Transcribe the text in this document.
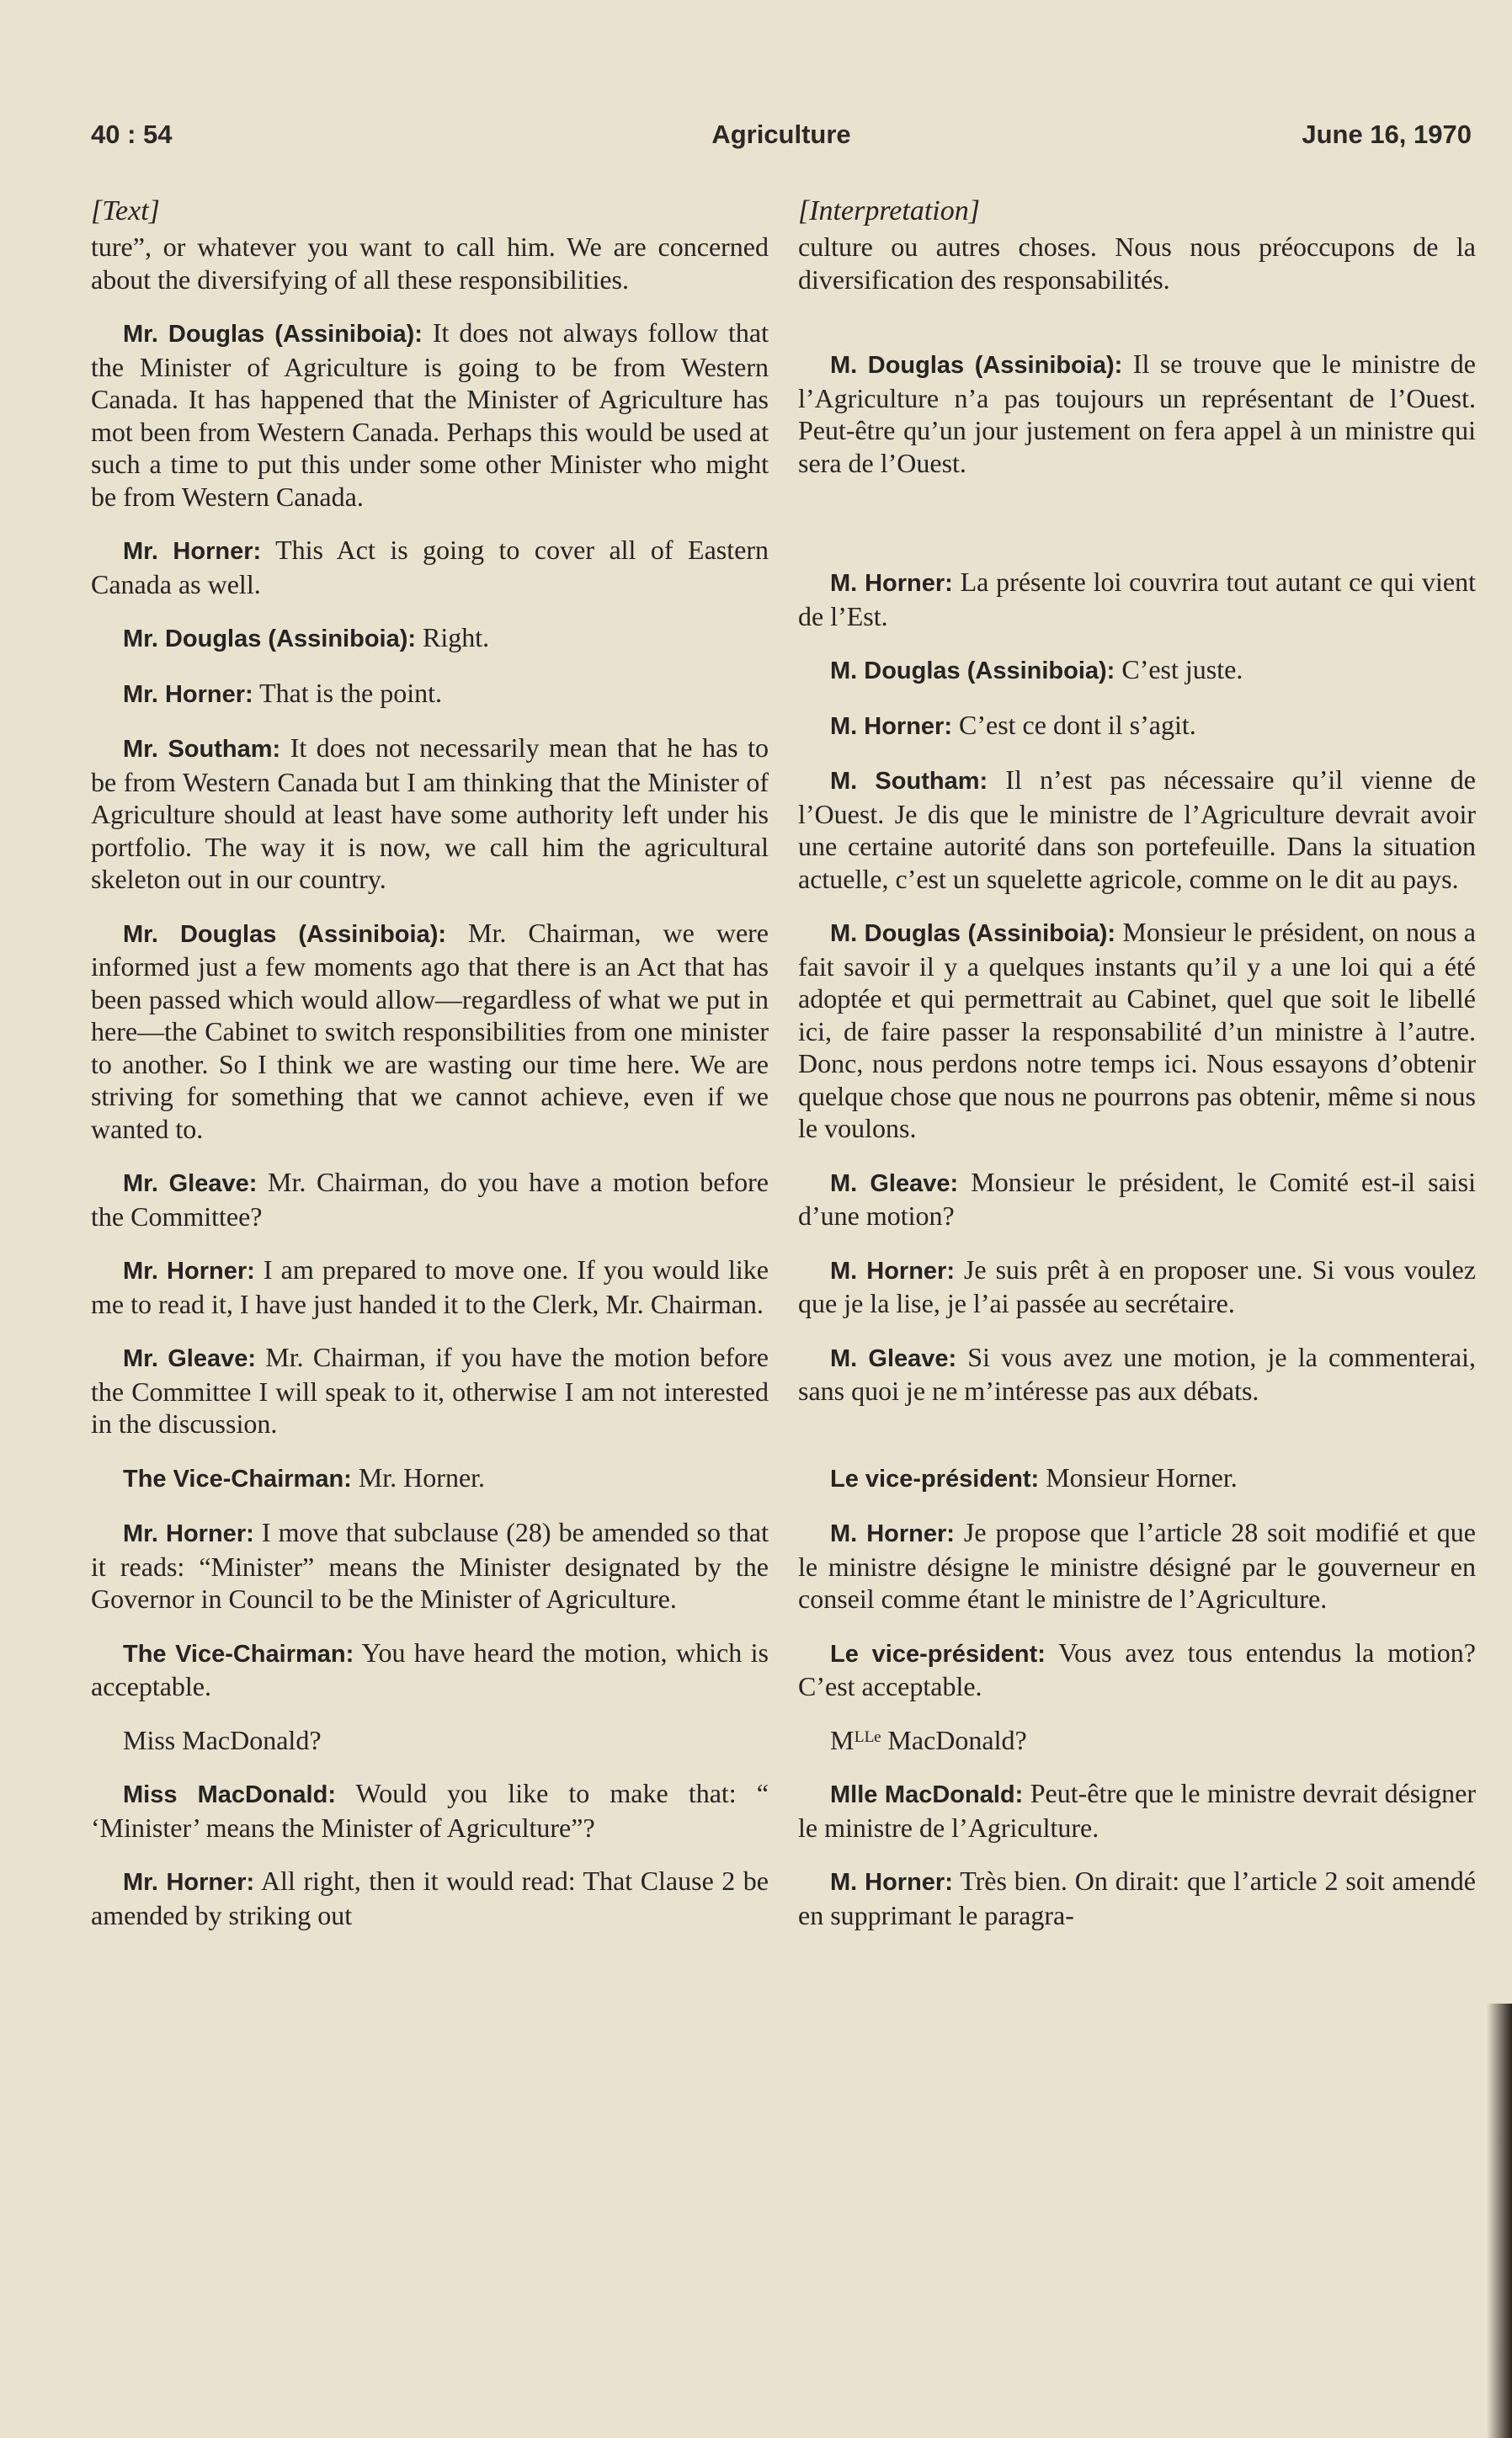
40 : 54	Agriculture	June 16, 1970
[Text]

ture”, or whatever you want to call him. We are concerned about the diversifying of all these responsibilities.

Mr. Douglas (Assiniboia): It does not always follow that the Minister of Agriculture is going to be from Western Canada. It has happened that the Minister of Agriculture has mot been from Western Canada. Perhaps this would be used at such a time to put this under some other Minister who might be from Western Canada.

Mr. Horner: This Act is going to cover all of Eastern Canada as well.

Mr. Douglas (Assiniboia): Right.

Mr. Horner: That is the point.

Mr. Southam: It does not necessarily mean that he has to be from Western Canada but I am thinking that the Minister of Agriculture should at least have some authority left under his portfolio. The way it is now, we call him the agricultural skeleton out in our country.

Mr. Douglas (Assiniboia): Mr. Chairman, we were informed just a few moments ago that there is an Act that has been passed which would allow—regardless of what we put in here—the Cabinet to switch responsibilities from one minister to another. So I think we are wasting our time here. We are striving for something that we cannot achieve, even if we wanted to.

Mr. Gleave: Mr. Chairman, do you have a motion before the Committee?

Mr. Horner: I am prepared to move one. If you would like me to read it, I have just handed it to the Clerk, Mr. Chairman.

Mr. Gleave: Mr. Chairman, if you have the motion before the Committee I will speak to it, otherwise I am not interested in the discussion.

The Vice-Chairman: Mr. Horner.

Mr. Horner: I move that subclause (28) be amended so that it reads: “Minister” means the Minister designated by the Governor in Council to be the Minister of Agriculture.

The Vice-Chairman: You have heard the motion, which is acceptable.

Miss MacDonald?

Miss MacDonald: Would you like to make that: “ ‘Minister’ means the Minister of Agriculture”?

Mr. Horner: All right, then it would read: That Clause 2 be amended by striking out

[Interpretation]

culture ou autres choses. Nous nous préoccupons de la diversification des responsabilités.

M. Douglas (Assiniboia): Il se trouve que le ministre de l’Agriculture n’a pas toujours un représentant de l’Ouest. Peut-être qu’un jour justement on fera appel à un ministre qui sera de l’Ouest.

M. Horner: La présente loi couvrira tout autant ce qui vient de l’Est.

M. Douglas (Assiniboia): C’est juste.

M. Horner: C’est ce dont il s’agit.

M. Southam: Il n’est pas nécessaire qu’il vienne de l’Ouest. Je dis que le ministre de l’Agriculture devrait avoir une certaine autorité dans son portefeuille. Dans la situation actuelle, c’est un squelette agricole, comme on le dit au pays.

M. Douglas (Assiniboia): Monsieur le président, on nous a fait savoir il y a quelques instants qu’il y a une loi qui a été adoptée et qui permettrait au Cabinet, quel que soit le libellé ici, de faire passer la responsabilité d’un ministre à l’autre. Donc, nous perdons notre temps ici. Nous essayons d’obtenir quelque chose que nous ne pourrons pas obtenir, même si nous le voulons.

M. Gleave: Monsieur le président, le Comité est-il saisi d’une motion?

M. Horner: Je suis prêt à en proposer une. Si vous voulez que je la lise, je l’ai passée au secrétaire.

M. Gleave: Si vous avez une motion, je la commenterai, sans quoi je ne m’intéresse pas aux débats.

Le vice-président: Monsieur Horner.

M. Horner: Je propose que l’article 28 soit modifié et que le ministre désigne le ministre désigné par le gouverneur en conseil comme étant le ministre de l’Agriculture.

Le vice-président: Vous avez tous entendus la motion? C’est acceptable.

Mᴸᴸᵉ MacDonald?

Mlle MacDonald: Peut-être que le ministre devrait désigner le ministre de l’Agriculture.

M. Horner: Très bien. On dirait: que l’article 2 soit amendé en supprimant le paragra-
